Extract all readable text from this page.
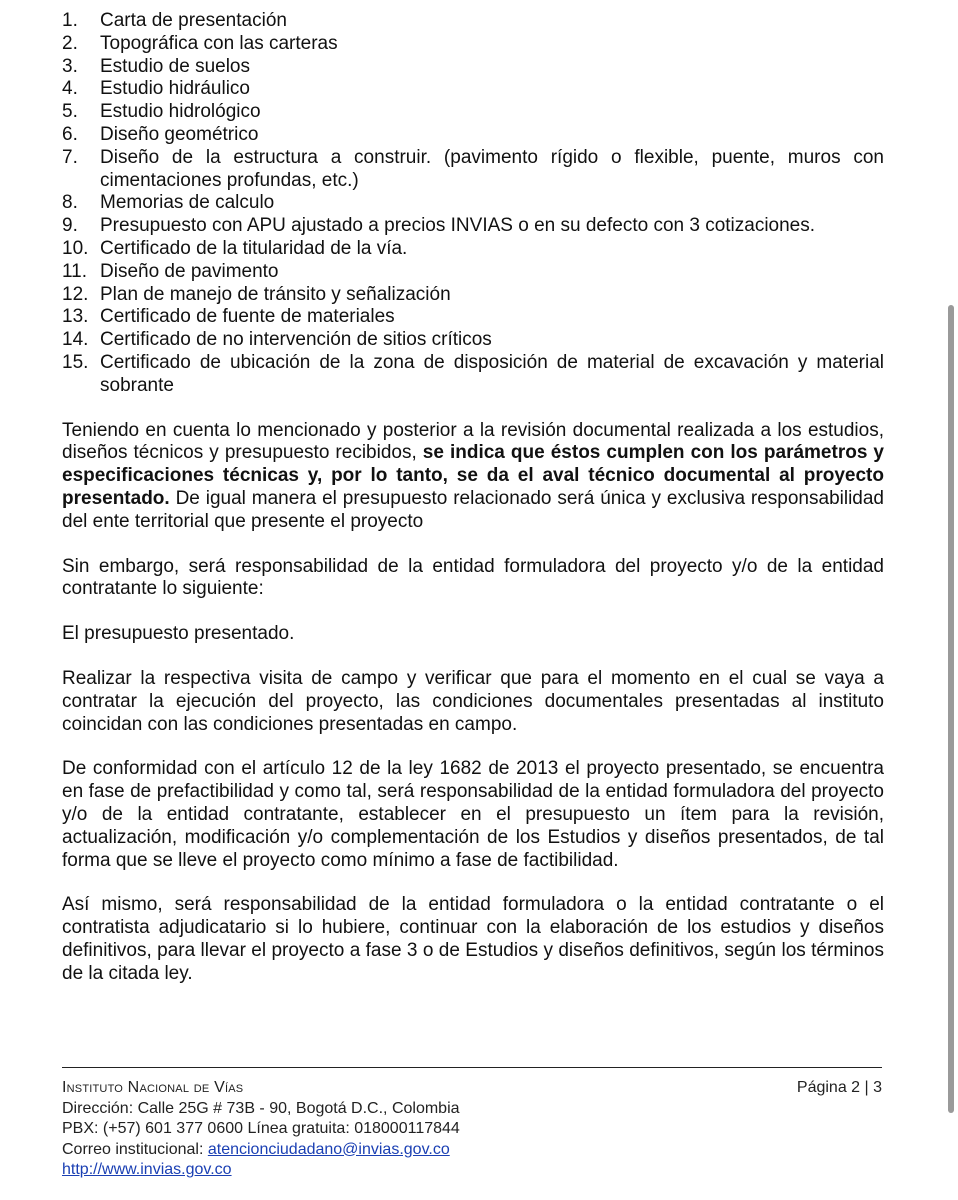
1.	Carta de presentación
2.	Topográfica con las carteras
3.	Estudio de suelos
4.	Estudio hidráulico
5.	Estudio hidrológico
6.	Diseño geométrico
7.	Diseño de la estructura a construir. (pavimento rígido o flexible, puente, muros con cimentaciones profundas, etc.)
8.	Memorias de calculo
9.	Presupuesto con APU ajustado a precios INVIAS o en su defecto con 3 cotizaciones.
10. Certificado de la titularidad de la vía.
11. Diseño de pavimento
12. Plan de manejo de tránsito y señalización
13. Certificado de fuente de materiales
14. Certificado de no intervención de sitios críticos
15. Certificado de ubicación de la zona de disposición de material de excavación y material sobrante

Teniendo en cuenta lo mencionado y posterior a la revisión documental realizada a los estudios, diseños técnicos y presupuesto recibidos, se indica que éstos cumplen con los parámetros y especificaciones técnicas y, por lo tanto, se da el aval técnico documental al proyecto presentado. De igual manera el presupuesto relacionado será única y exclusiva responsabilidad del ente territorial que presente el proyecto

Sin embargo, será responsabilidad de la entidad formuladora del proyecto y/o de la entidad contratante lo siguiente:

El presupuesto presentado.

Realizar la respectiva visita de campo y verificar que para el momento en el cual se vaya a contratar la ejecución del proyecto, las condiciones documentales presentadas al instituto coincidan con las condiciones presentadas en campo.

De conformidad con el artículo 12 de la ley 1682 de 2013 el proyecto presentado, se encuentra en fase de prefactibilidad y como tal, será responsabilidad de la entidad formuladora del proyecto y/o de la entidad contratante, establecer en el presupuesto un ítem para la revisión, actualización, modificación y/o complementación de los Estudios y diseños presentados, de tal forma que se lleve el proyecto como mínimo a fase de factibilidad.

Así mismo, será responsabilidad de la entidad formuladora o la entidad contratante o el contratista adjudicatario si lo hubiere, continuar con la elaboración de los estudios y diseños definitivos, para llevar el proyecto a fase 3 o de Estudios y diseños definitivos, según los términos de la citada ley.

Instituto Nacional de Vías	Página 2 | 3
Dirección: Calle 25G # 73B - 90, Bogotá D.C., Colombia
PBX: (+57) 601 377 0600 Línea gratuita: 018000117844
Correo institucional: atencionciudadano@invias.gov.co
http://www.invias.gov.co
